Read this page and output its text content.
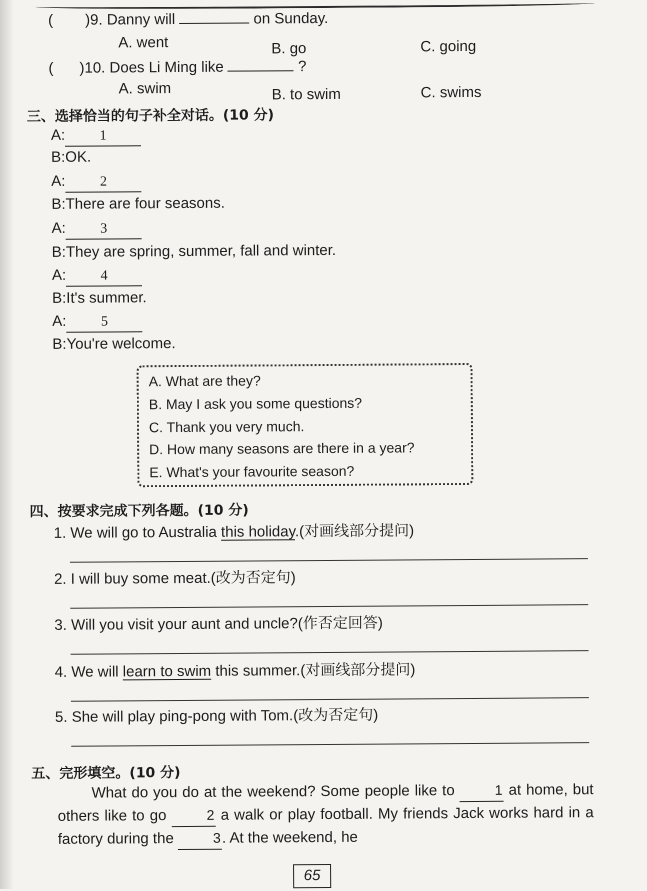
( )9. Danny will	on Sunday.
A. went	B. go	C. going
( )10. Does Li Ming like	?
A. swim	B. to swim	C. swims
三、选择恰当的句子补全对话。(10 分)
A: 1
B:OK.
A: 2
B:There are four seasons.
A: 3
B:They are spring, summer, fall and winter.
A: 4
B:It's summer.
A: 5
B:You're welcome.
A. What are they?
B. May I ask you some questions?
C. Thank you very much.
D. How many seasons are there in a year?
E. What's your favourite season?
四、按要求完成下列各题。(10 分)
1. We will go to Australia this holiday.(对画线部分提问)
2. I will buy some meat.(改为否定句)
3. Will you visit your aunt and uncle?(作否定回答)
4. We will learn to swim this summer.(对画线部分提问)
5. She will play ping-pong with Tom.(改为否定句)
五、完形填空。(10 分)
What do you do at the weekend? Some people like to	1 at home, but others like to go	2 a walk or play football. My friends Jack works hard in a factory during the	3. At the weekend, he
65
